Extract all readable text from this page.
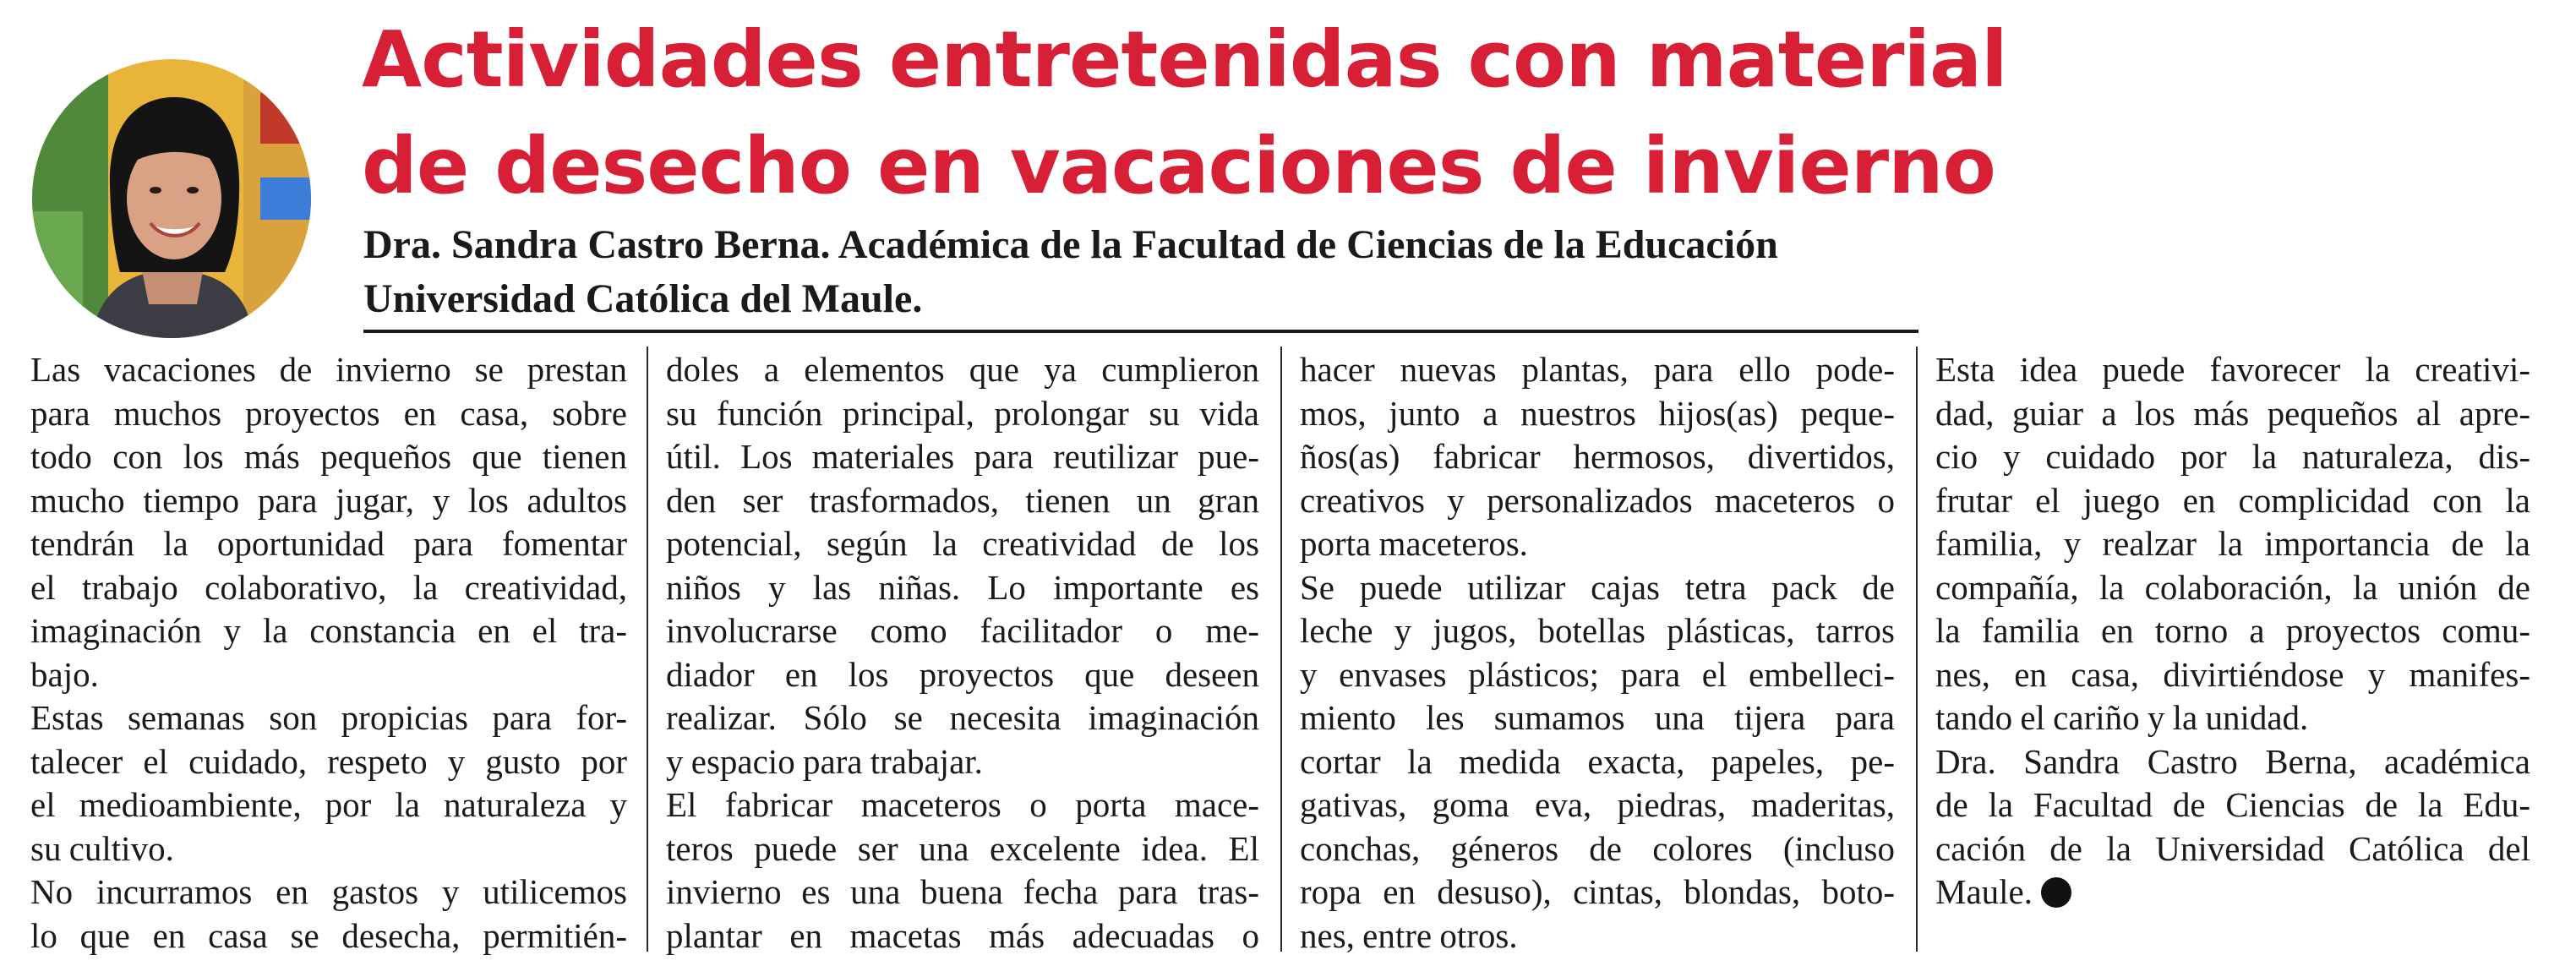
Actividades entretenidas con material
de desecho en vacaciones de invierno
Dra. Sandra Castro Berna. Académica de la Facultad de Ciencias de la Educación
Universidad Católica del Maule.
Las vacaciones de invierno se prestan
para muchos proyectos en casa, sobre
todo con los más pequeños que tienen
mucho tiempo para jugar, y los adultos
tendrán la oportunidad para fomentar
el trabajo colaborativo, la creatividad,
imaginación y la constancia en el tra-
bajo.
Estas semanas son propicias para for-
talecer el cuidado, respeto y gusto por
el medioambiente, por la naturaleza y
su cultivo.
No incurramos en gastos y utilicemos
lo que en casa se desecha, permitién-
doles a elementos que ya cumplieron
su función principal, prolongar su vida
útil. Los materiales para reutilizar pue-
den ser trasformados, tienen un gran
potencial, según la creatividad de los
niños y las niñas. Lo importante es
involucrarse como facilitador o me-
diador en los proyectos que deseen
realizar. Sólo se necesita imaginación
y espacio para trabajar.
El fabricar maceteros o porta mace-
teros puede ser una excelente idea. El
invierno es una buena fecha para tras-
plantar en macetas más adecuadas o
hacer nuevas plantas, para ello pode-
mos, junto a nuestros hijos(as) peque-
ños(as) fabricar hermosos, divertidos,
creativos y personalizados maceteros o
porta maceteros.
Se puede utilizar cajas tetra pack de
leche y jugos, botellas plásticas, tarros
y envases plásticos; para el embelleci-
miento les sumamos una tijera para
cortar la medida exacta, papeles, pe-
gativas, goma eva, piedras, maderitas,
conchas, géneros de colores (incluso
ropa en desuso), cintas, blondas, boto-
nes, entre otros.
Esta idea puede favorecer la creativi-
dad, guiar a los más pequeños al apre-
cio y cuidado por la naturaleza, dis-
frutar el juego en complicidad con la
familia, y realzar la importancia de la
compañía, la colaboración, la unión de
la familia en torno a proyectos comu-
nes, en casa, divirtiéndose y manifes-
tando el cariño y la unidad.
Dra. Sandra Castro Berna, académica
de la Facultad de Ciencias de la Edu-
cación de la Universidad Católica del
Maule.
